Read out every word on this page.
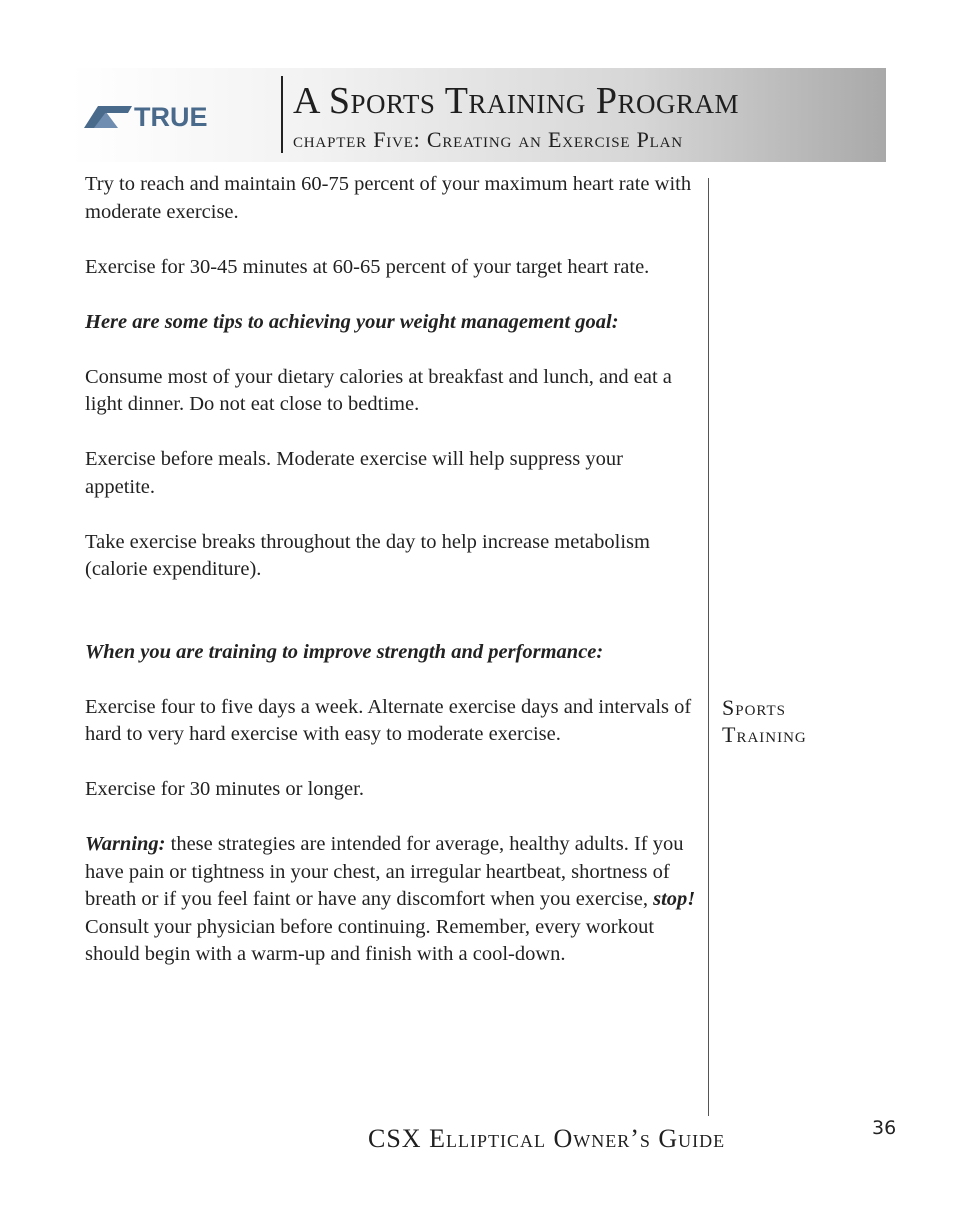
TRUE A Sports Training Program
chapter Five: Creating an Exercise Plan

Try to reach and maintain 60-75 percent of your maximum heart rate with moderate exercise.

Exercise for 30-45 minutes at 60-65 percent of your target heart rate.

Here are some tips to achieving your weight management goal:

Consume most of your dietary calories at breakfast and lunch, and eat a light dinner. Do not eat close to bedtime.

Exercise before meals. Moderate exercise will help suppress your appetite.

Take exercise breaks throughout the day to help increase metabolism (calorie expenditure).

When you are training to improve strength and performance:

Exercise four to five days a week. Alternate exercise days and intervals of hard to very hard exercise with easy to moderate exercise.

Exercise for 30 minutes or longer.

Warning: these strategies are intended for average, healthy adults. If you have pain or tightness in your chest, an irregular heartbeat, shortness of breath or if you feel faint or have any discomfort when you exercise, stop! Consult your physician before continuing. Remember, every workout should begin with a warm-up and finish with a cool-down.

Sports Training
CSX Elliptical Owner’s Guide	36
